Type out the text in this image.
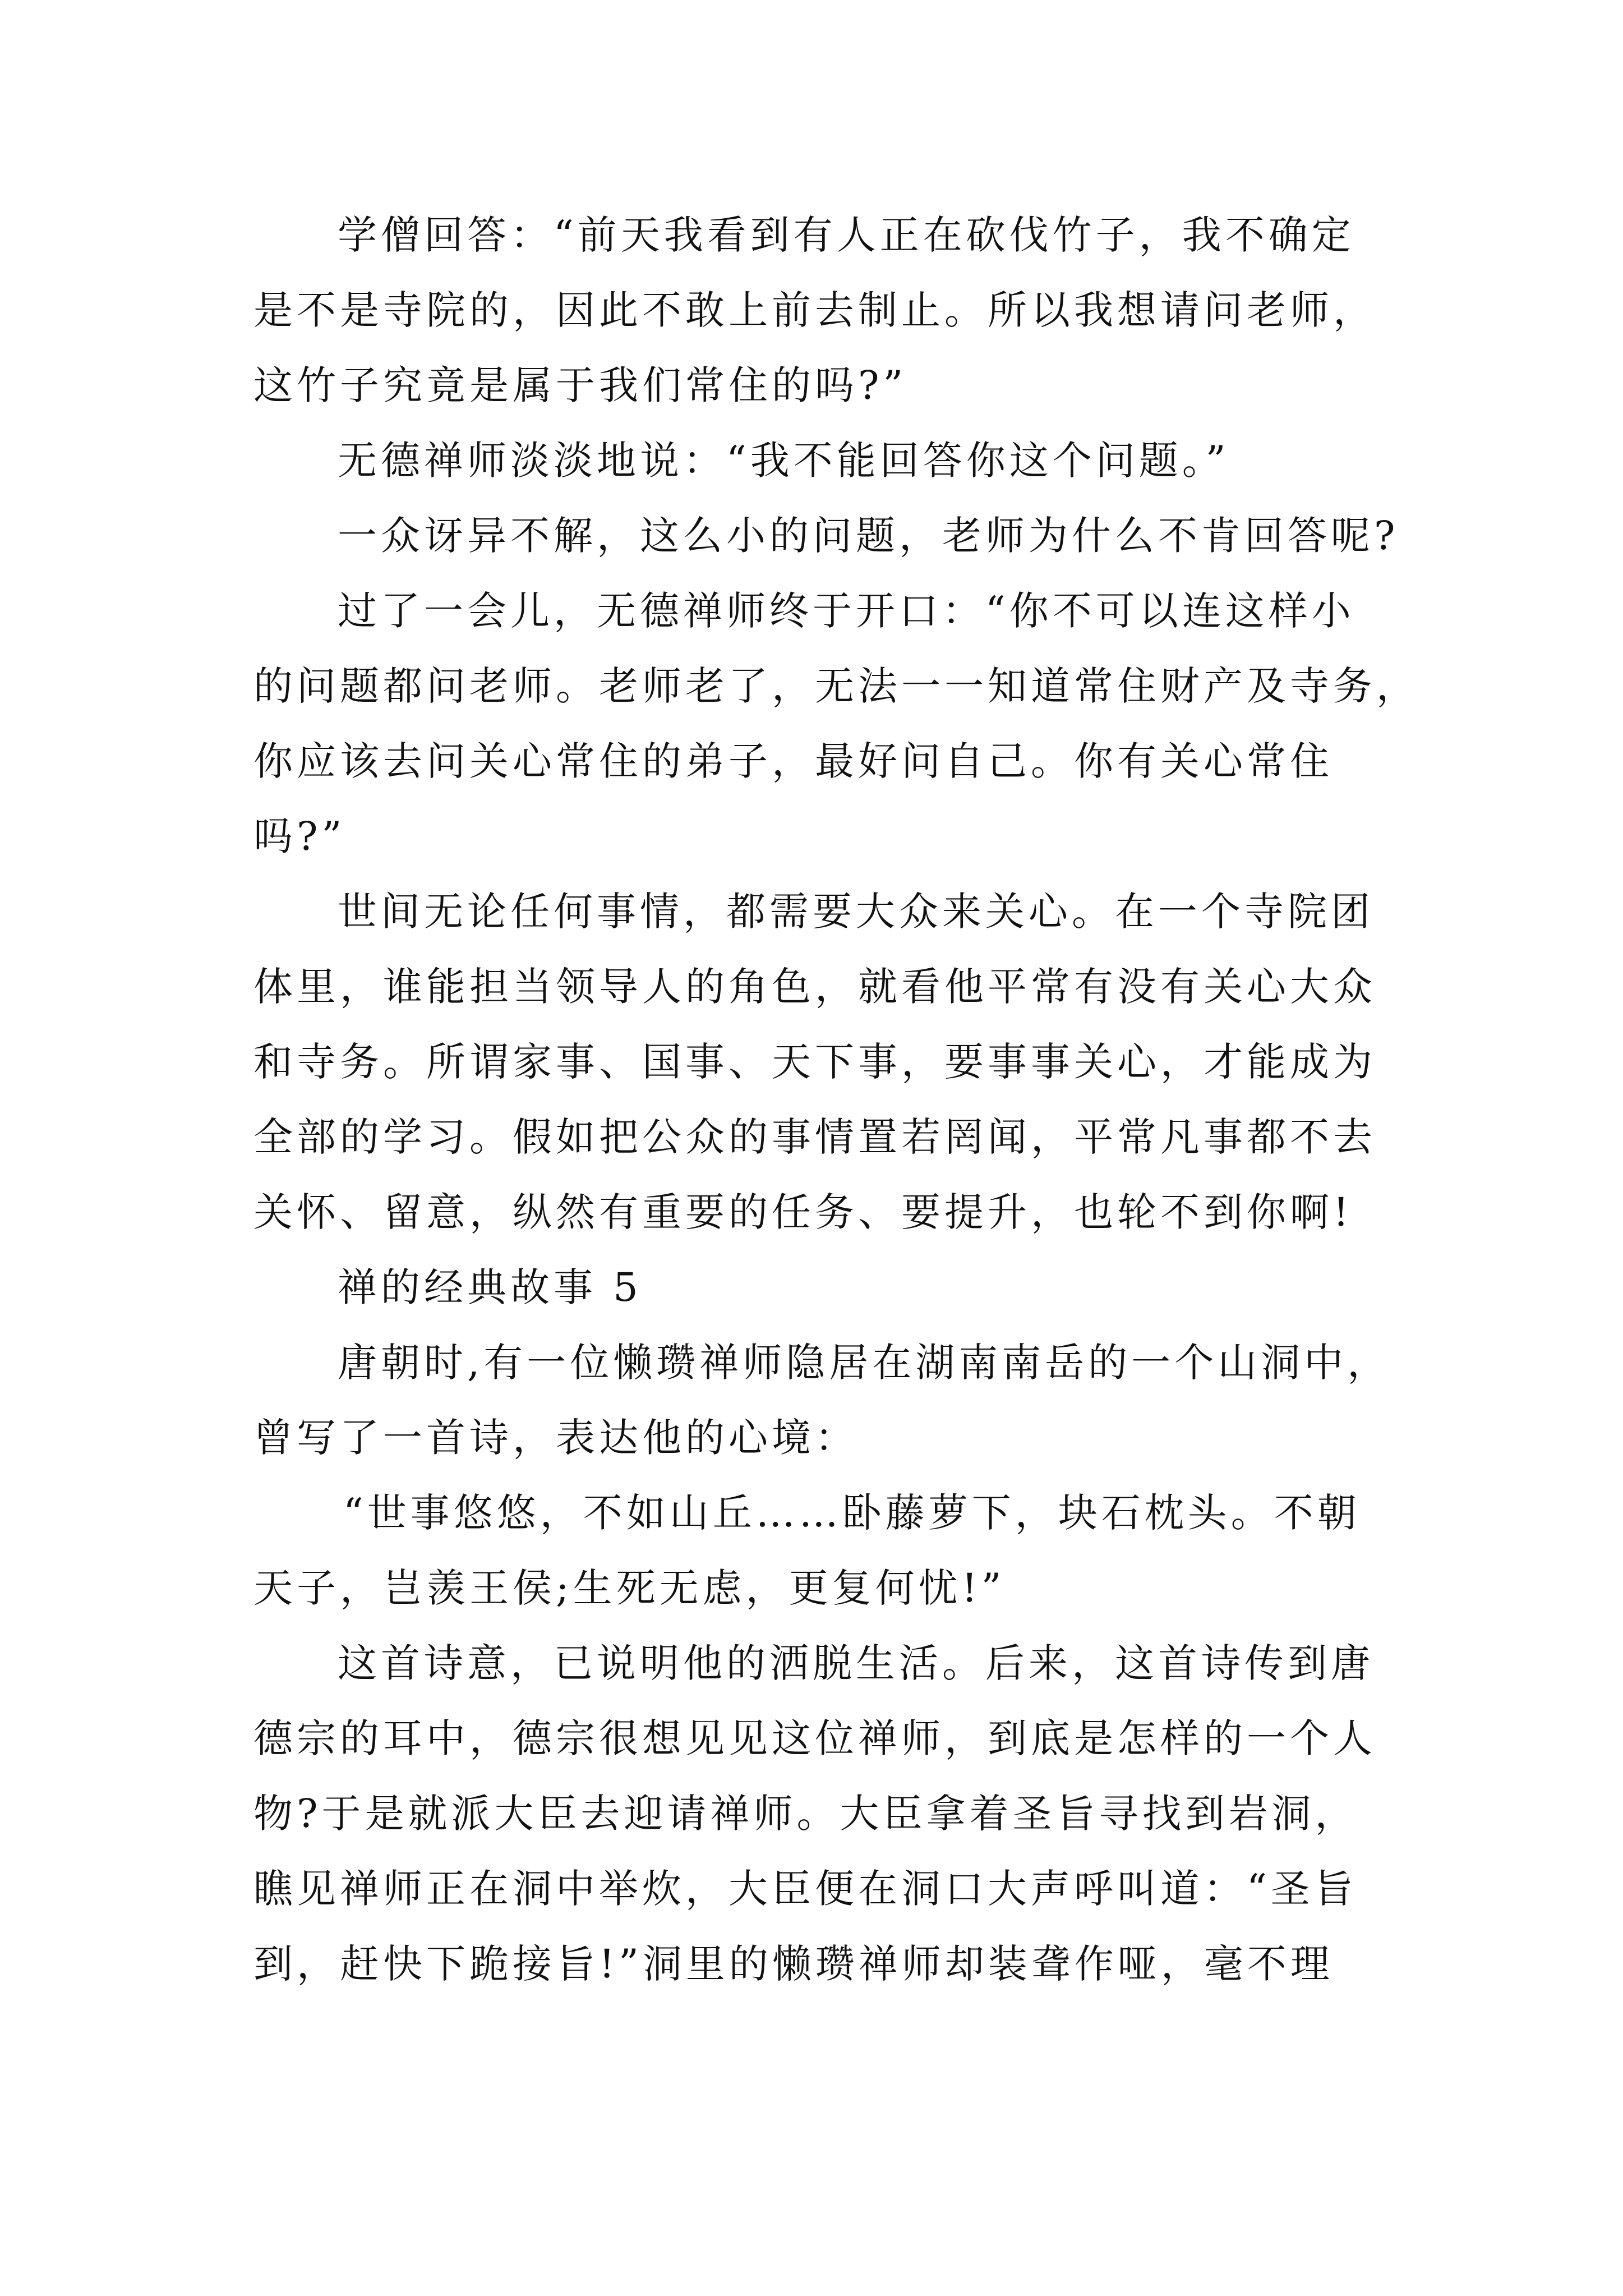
学僧回答：“前天我看到有人正在砍伐竹子，我不确定
是不是寺院的，因此不敢上前去制止。所以我想请问老师，
这竹子究竟是属于我们常住的吗?”
无德禅师淡淡地说：“我不能回答你这个问题。”
一众讶异不解，这么小的问题，老师为什么不肯回答呢?
过了一会儿，无德禅师终于开口：“你不可以连这样小
的问题都问老师。老师老了，无法一一知道常住财产及寺务，
你应该去问关心常住的弟子，最好问自己。你有关心常住
吗?”
世间无论任何事情，都需要大众来关心。在一个寺院团
体里，谁能担当领导人的角色，就看他平常有没有关心大众
和寺务。所谓家事、国事、天下事，要事事关心，才能成为
全部的学习。假如把公众的事情置若罔闻，平常凡事都不去
关怀、留意，纵然有重要的任务、要提升，也轮不到你啊!
禅的经典故事 5
唐朝时,有一位懒瓒禅师隐居在湖南南岳的一个山洞中，
曾写了一首诗，表达他的心境：
“世事悠悠，不如山丘……卧藤萝下，块石枕头。不朝
天子，岂羡王侯;生死无虑，更复何忧!”
这首诗意，已说明他的洒脱生活。后来，这首诗传到唐
德宗的耳中，德宗很想见见这位禅师，到底是怎样的一个人
物?于是就派大臣去迎请禅师。大臣拿着圣旨寻找到岩洞，
瞧见禅师正在洞中举炊，大臣便在洞口大声呼叫道：“圣旨
到，赶快下跪接旨!”洞里的懒瓒禅师却装聋作哑，毫不理
